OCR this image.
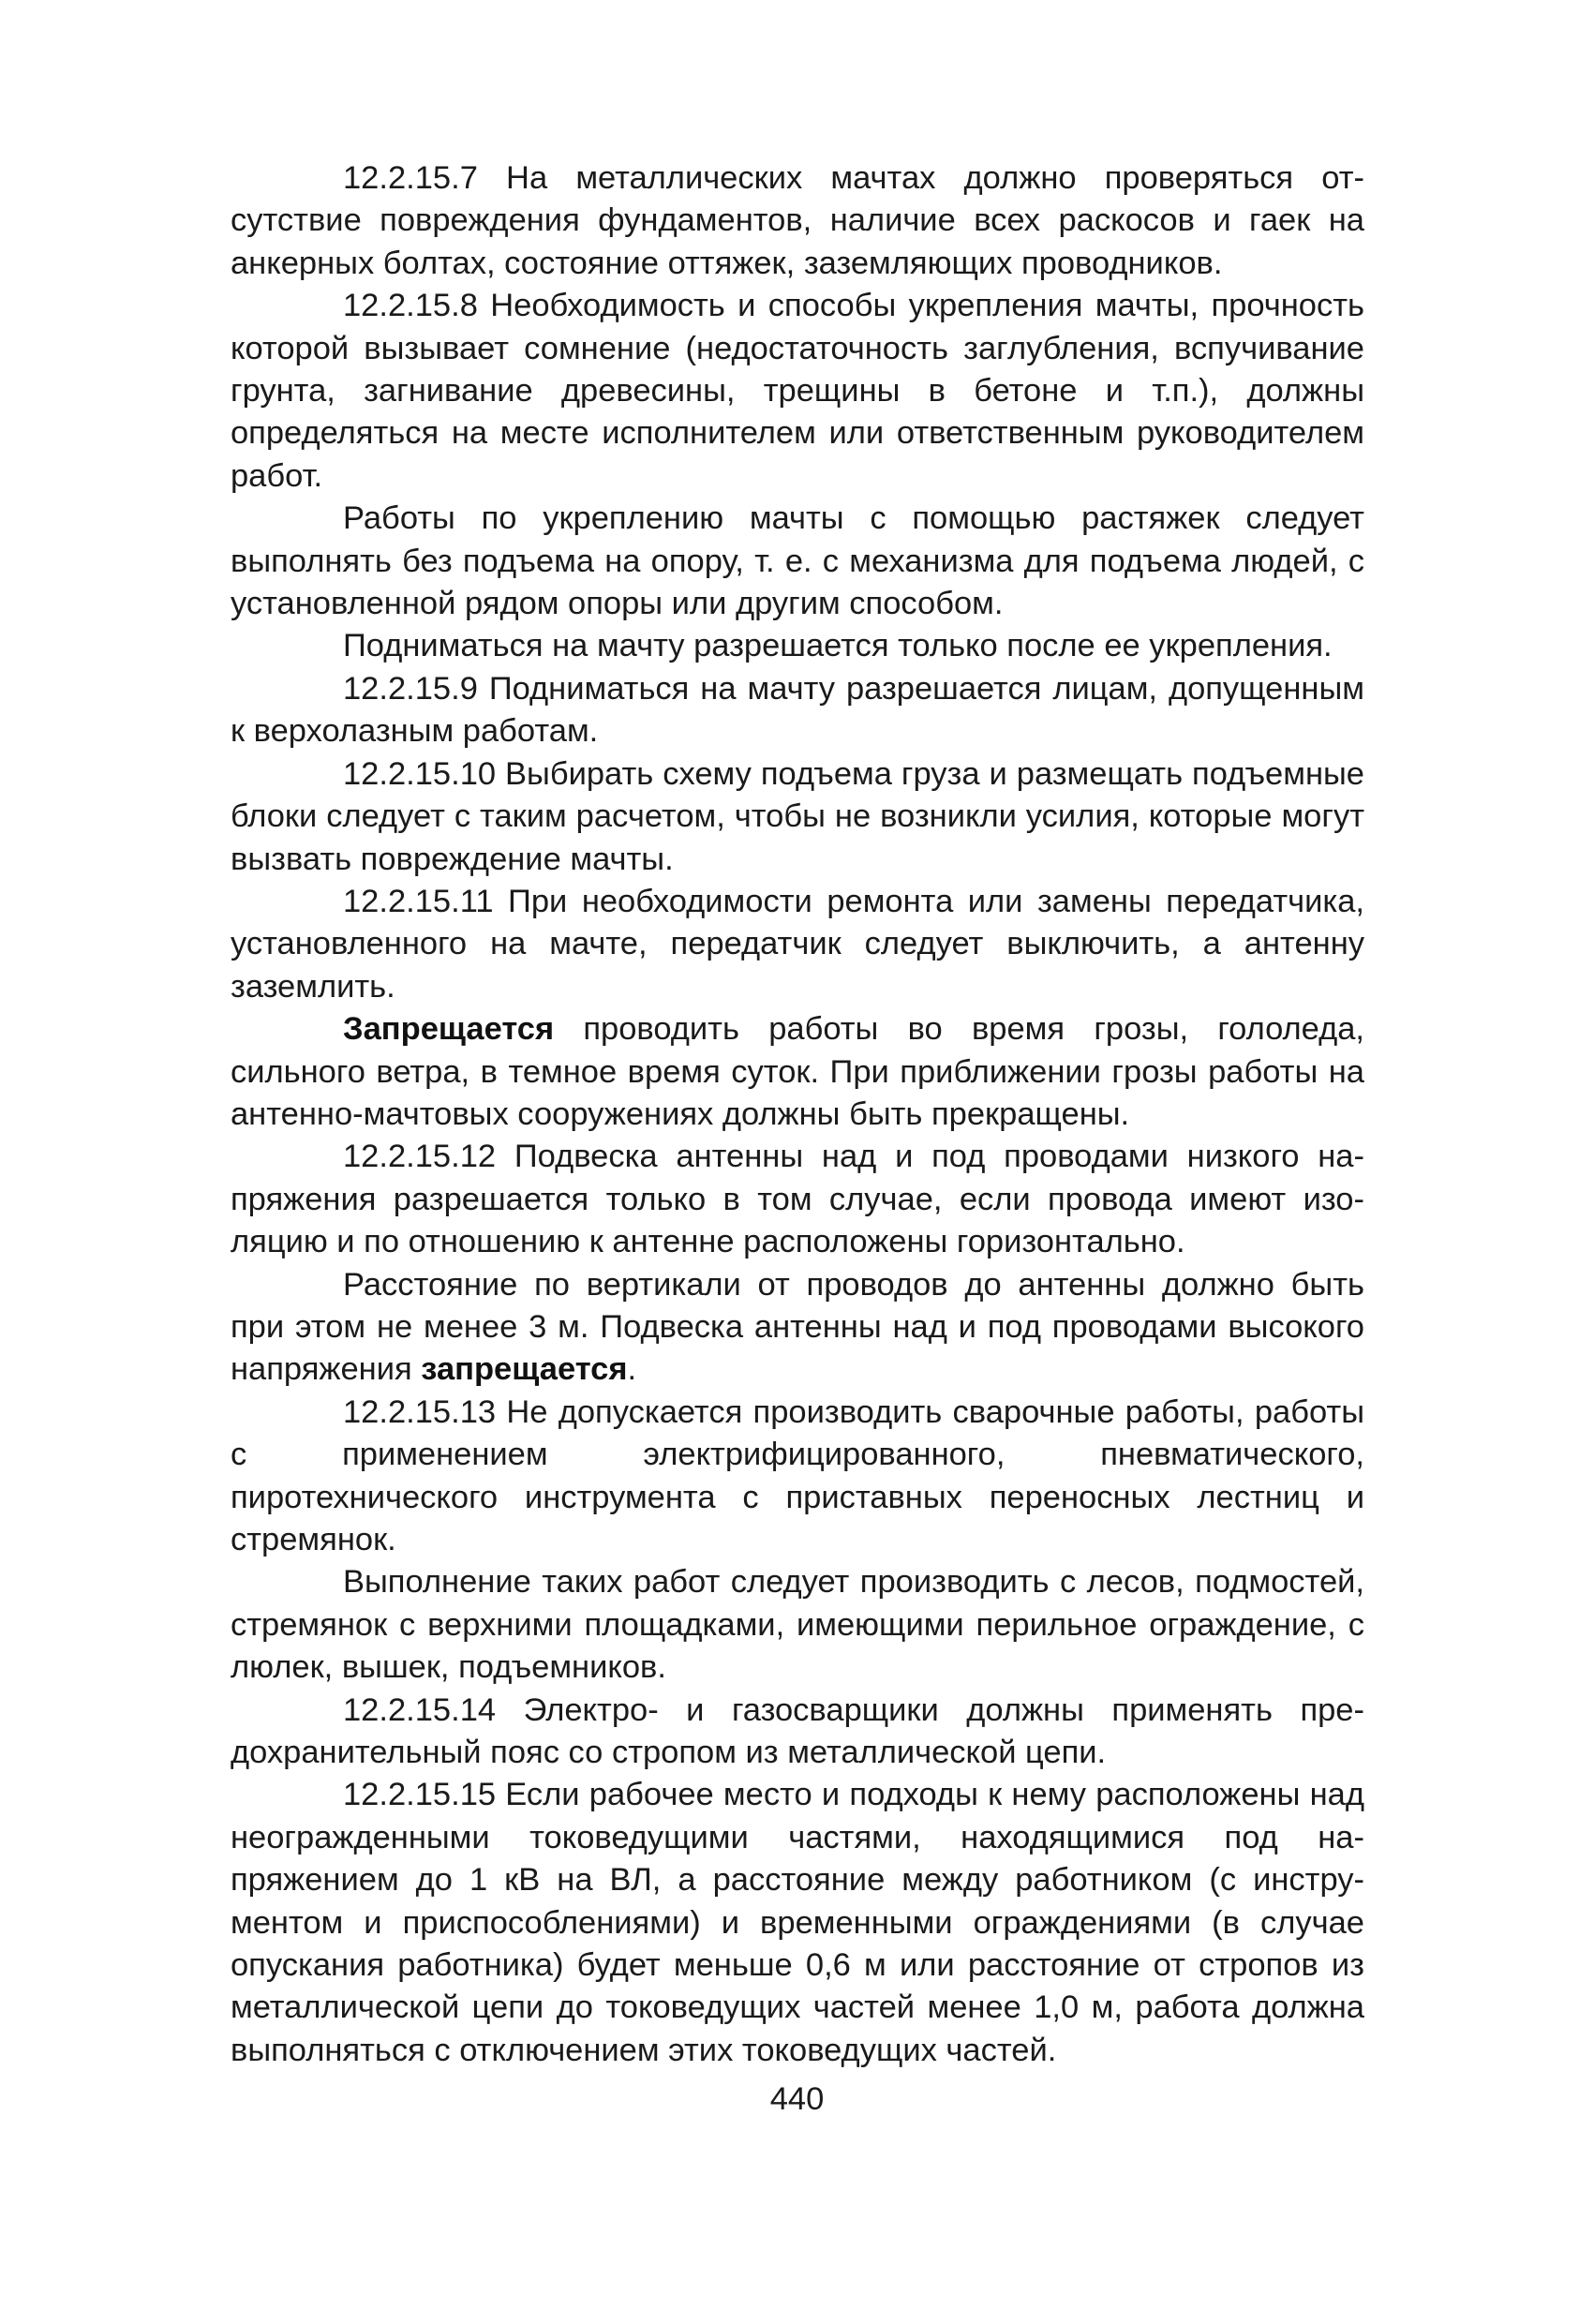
12.2.15.7 На металлических мачтах должно проверяться отсутствие повреждения фундаментов, наличие всех раскосов и гаек на анкерных болтах, состояние оттяжек, заземляющих проводников.

12.2.15.8 Необходимость и способы укрепления мачты, прочность которой вызывает сомнение (недостаточность заглубления, вспучивание грунта, загнивание древесины, трещины в бетоне и т.п.), должны определяться на месте исполнителем или ответственным руководителем работ.

Работы по укреплению мачты с помощью растяжек следует выполнять без подъема на опору, т. е. с механизма для подъема людей, с установленной рядом опоры или другим способом.

Подниматься на мачту разрешается только после ее укрепления.

12.2.15.9 Подниматься на мачту разрешается лицам, допущенным к верхолазным работам.

12.2.15.10 Выбирать схему подъема груза и размещать подъемные блоки следует с таким расчетом, чтобы не возникли усилия, которые могут вызвать повреждение мачты.

12.2.15.11 При необходимости ремонта или замены передатчика, установленного на мачте, передатчик следует выключить, а антенну заземлить.

Запрещается проводить работы во время грозы, гололеда, сильного ветра, в темное время суток. При приближении грозы работы на антенно-мачтовых сооружениях должны быть прекращены.

12.2.15.12 Подвеска антенны над и под проводами низкого напряжения разрешается только в том случае, если провода имеют изоляцию и по отношению к антенне расположены горизонтально.

Расстояние по вертикали от проводов до антенны должно быть при этом не менее 3 м. Подвеска антенны над и под проводами высокого напряжения запрещается.

12.2.15.13 Не допускается производить сварочные работы, работы с применением электрифицированного, пневматического, пиротехнического инструмента с приставных переносных лестниц и стремянок.

Выполнение таких работ следует производить с лесов, подмостей, стремянок с верхними площадками, имеющими перильное ограждение, с люлек, вышек, подъемников.

12.2.15.14 Электро- и газосварщики должны применять предохранительный пояс со стропом из металлической цепи.

12.2.15.15 Если рабочее место и подходы к нему расположены над неогражденными токоведущими частями, находящимися под напряжением до 1 кВ на ВЛ, а расстояние между работником (с инструментом и приспособлениями) и временными ограждениями (в случае опускания работника) будет меньше 0,6 м или расстояние от стропов из металлической цепи до токоведущих частей менее 1,0 м, работа должна выполняться с отключением этих токоведущих частей.

440
